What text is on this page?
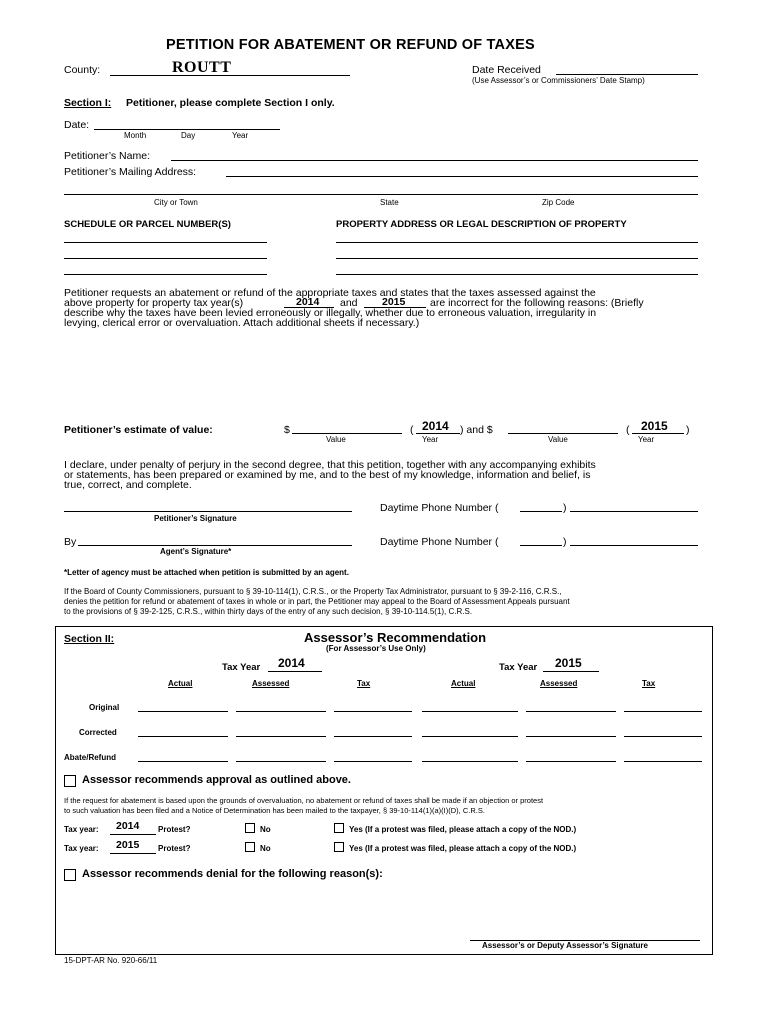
PETITION FOR ABATEMENT OR REFUND OF TAXES
County:	ROUTT	Date Received
(Use Assessor’s or Commissioners’ Date Stamp)
Section I: Petitioner, please complete Section I only.
Date:
Month	Day	Year
Petitioner’s Name:
Petitioner’s Mailing Address:
City or Town	State	Zip Code
SCHEDULE OR PARCEL NUMBER(S)	PROPERTY ADDRESS OR LEGAL DESCRIPTION OF PROPERTY
Petitioner requests an abatement or refund of the appropriate taxes and states that the taxes assessed against the
above property for property tax year(s)	2014 and 2015 are incorrect for the following reasons: (Briefly
describe why the taxes have been levied erroneously or illegally, whether due to erroneous valuation, irregularity in
levying, clerical error or overvaluation. Attach additional sheets if necessary.)
Petitioner’s estimate of value:	$	( 2014 ) and $	( 2015 )
Value	Year	Value	Year
I declare, under penalty of perjury in the second degree, that this petition, together with any accompanying exhibits
or statements, has been prepared or examined by me, and to the best of my knowledge, information and belief, is
true, correct, and complete.
Petitioner’s Signature
Daytime Phone Number (	)
By
Agent’s Signature*
Daytime Phone Number (	)
*Letter of agency must be attached when petition is submitted by an agent.
If the Board of County Commissioners, pursuant to § 39-10-114(1), C.R.S., or the Property Tax Administrator, pursuant to § 39-2-116, C.R.S.,
denies the petition for refund or abatement of taxes in whole or in part, the Petitioner may appeal to the Board of Assessment Appeals pursuant
to the provisions of § 39-2-125, C.R.S., within thirty days of the entry of any such decision, § 39-10-114.5(1), C.R.S.
Section II:	Assessor’s Recommendation
(For Assessor’s Use Only)
Tax Year 2014	Tax Year 2015
Actual	Assessed	Tax	Actual	Assessed	Tax
Original
Corrected
Abate/Refund
Assessor recommends approval as outlined above.
If the request for abatement is based upon the grounds of overvaluation, no abatement or refund of taxes shall be made if an objection or protest
to such valuation has been filed and a Notice of Determination has been mailed to the taxpayer, § 39-10-114(1)(a)(I)(D), C.R.S.
Tax year: 2014 Protest?	No	Yes (If a protest was filed, please attach a copy of the NOD.)
Tax year: 2015 Protest?	No	Yes (If a protest was filed, please attach a copy of the NOD.)
Assessor recommends denial for the following reason(s):
Assessor’s or Deputy Assessor’s Signature
15-DPT-AR No. 920-66/11
